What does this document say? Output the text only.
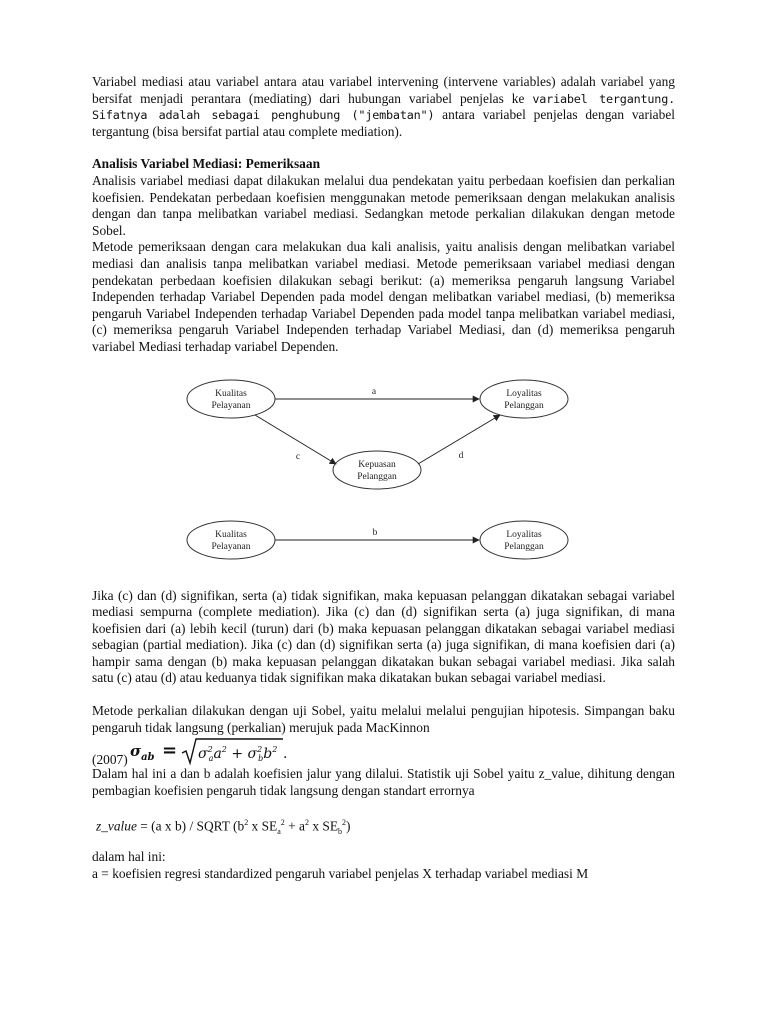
Variabel mediasi atau variabel antara atau variabel intervening (intervene variables) adalah variabel yang bersifat menjadi perantara (mediating) dari hubungan variabel penjelas ke variabel tergantung. Sifatnya adalah sebagai penghubung ("jembatan") antara variabel penjelas dengan variabel tergantung (bisa bersifat partial atau complete mediation).

Analisis Variabel Mediasi: Pemeriksaan

Analisis variabel mediasi dapat dilakukan melalui dua pendekatan yaitu perbedaan koefisien dan perkalian koefisien. Pendekatan perbedaan koefisien menggunakan metode pemeriksaan dengan melakukan analisis dengan dan tanpa melibatkan variabel mediasi. Sedangkan metode perkalian dilakukan dengan metode Sobel.

Metode pemeriksaan dengan cara melakukan dua kali analisis, yaitu analisis dengan melibatkan variabel mediasi dan analisis tanpa melibatkan variabel mediasi. Metode pemeriksaan variabel mediasi dengan pendekatan perbedaan koefisien dilakukan sebagi berikut: (a) memeriksa pengaruh langsung Variabel Independen terhadap Variabel Dependen pada model dengan melibatkan variabel mediasi, (b) memeriksa pengaruh Variabel Independen terhadap Variabel Dependen pada model tanpa melibatkan variabel mediasi, (c) memeriksa pengaruh Variabel Independen terhadap Variabel Mediasi, dan (d) memeriksa pengaruh variabel Mediasi terhadap variabel Dependen.

Kualitas
Pelayanan
Loyalitas
Pelanggan
Kepuasan
Pelanggan
a
c	d
Kualitas
Pelayanan
Loyalitas
Pelanggan
b

Jika (c) dan (d) signifikan, serta (a) tidak signifikan, maka kepuasan pelanggan dikatakan sebagai variabel mediasi sempurna (complete mediation). Jika (c) dan (d) signifikan serta (a) juga signifikan, di mana koefisien dari (a) lebih kecil (turun) dari (b) maka kepuasan pelanggan dikatakan sebagai variabel mediasi sebagian (partial mediation). Jika (c) dan (d) signifikan serta (a) juga signifikan, di mana koefisien dari (a) hampir sama dengan (b) maka kepuasan pelanggan dikatakan bukan sebagai variabel mediasi. Jika salah satu (c) atau (d) atau keduanya tidak signifikan maka dikatakan bukan sebagai variabel mediasi.

Metode perkalian dilakukan dengan uji Sobel, yaitu melalui melalui pengujian hipotesis. Simpangan baku pengaruh tidak langsung (perkalian) merujuk pada MacKinnon

(2007) $\sigma_{ab} = \sigma^2$ $aa^2 + \sigma^2$ $bb^2$ .

Dalam hal ini a dan b adalah koefisien jalur yang dilalui. Statistik uji Sobel yaitu z_value, dihitung dengan pembagian koefisien pengaruh tidak langsung dengan standart errornya

z_value = (a x b) / SQRT ($b^2$ x $SE_a^2 + a^2$ x $SE_b^2$)

dalam hal ini:

a = koefisien regresi standardized pengaruh variabel penjelas X terhadap variabel mediasi M
